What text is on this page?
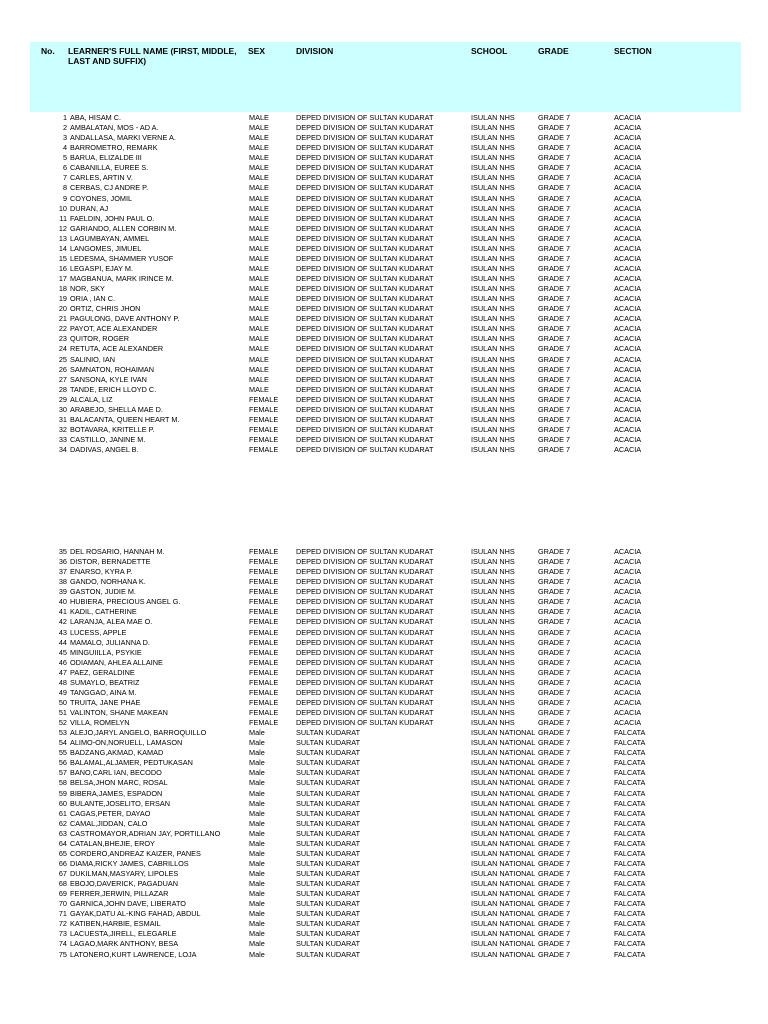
No. LEARNER'S FULL NAME (FIRST, MIDDLE, LAST AND SUFFIX)
SEX	DIVISION	SCHOOL	GRADE	SECTION
1 ABA, HISAM C.	MALE	DEPED DIVISION OF SULTAN KUDARAT	ISULAN NHS	GRADE 7	ACACIA
2 AMBALATAN, MOS - AD A.	MALE	DEPED DIVISION OF SULTAN KUDARAT	ISULAN NHS	GRADE 7	ACACIA
3 ANDALLASA, MARKI VERNE A.	MALE	DEPED DIVISION OF SULTAN KUDARAT	ISULAN NHS	GRADE 7	ACACIA
4 BARROMETRO, REMARK	MALE	DEPED DIVISION OF SULTAN KUDARAT	ISULAN NHS	GRADE 7	ACACIA
5 BARUA, ELIZALDE III	MALE	DEPED DIVISION OF SULTAN KUDARAT	ISULAN NHS	GRADE 7	ACACIA
6 CABANILLA, EUREE S.	MALE	DEPED DIVISION OF SULTAN KUDARAT	ISULAN NHS	GRADE 7	ACACIA
7 CARLES, ARTIN V.	MALE	DEPED DIVISION OF SULTAN KUDARAT	ISULAN NHS	GRADE 7	ACACIA
8 CERBAS, CJ ANDRE P.	MALE	DEPED DIVISION OF SULTAN KUDARAT	ISULAN NHS	GRADE 7	ACACIA
9 COYONES, JOMIL	MALE	DEPED DIVISION OF SULTAN KUDARAT	ISULAN NHS	GRADE 7	ACACIA
10 DURAN, AJ	MALE	DEPED DIVISION OF SULTAN KUDARAT	ISULAN NHS	GRADE 7	ACACIA
11 FAELDIN, JOHN PAUL O.	MALE	DEPED DIVISION OF SULTAN KUDARAT	ISULAN NHS	GRADE 7	ACACIA
12 GARIANDO, ALLEN CORBIN M.	MALE	DEPED DIVISION OF SULTAN KUDARAT	ISULAN NHS	GRADE 7	ACACIA
13 LAGUMBAYAN, AMMEL	MALE	DEPED DIVISION OF SULTAN KUDARAT	ISULAN NHS	GRADE 7	ACACIA
14 LANGOMES, JIMUEL	MALE	DEPED DIVISION OF SULTAN KUDARAT	ISULAN NHS	GRADE 7	ACACIA
15 LEDESMA, SHAMMER YUSOF	MALE	DEPED DIVISION OF SULTAN KUDARAT	ISULAN NHS	GRADE 7	ACACIA
16 LEGASPI, EJAY M.	MALE	DEPED DIVISION OF SULTAN KUDARAT	ISULAN NHS	GRADE 7	ACACIA
17 MAGBANUA, MARK IRINCE M.	MALE	DEPED DIVISION OF SULTAN KUDARAT	ISULAN NHS	GRADE 7	ACACIA
18 NOR, SKY	MALE	DEPED DIVISION OF SULTAN KUDARAT	ISULAN NHS	GRADE 7	ACACIA
19 ORIA , IAN C.	MALE	DEPED DIVISION OF SULTAN KUDARAT	ISULAN NHS	GRADE 7	ACACIA
20 ORTIZ, CHRIS JHON	MALE	DEPED DIVISION OF SULTAN KUDARAT	ISULAN NHS	GRADE 7	ACACIA
21 PAGULONG, DAVE ANTHONY P.	MALE	DEPED DIVISION OF SULTAN KUDARAT	ISULAN NHS	GRADE 7	ACACIA
22 PAYOT, ACE ALEXANDER	MALE	DEPED DIVISION OF SULTAN KUDARAT	ISULAN NHS	GRADE 7	ACACIA
23 QUITOR, ROGER	MALE	DEPED DIVISION OF SULTAN KUDARAT	ISULAN NHS	GRADE 7	ACACIA
24 RETUTA, ACE ALEXANDER	MALE	DEPED DIVISION OF SULTAN KUDARAT	ISULAN NHS	GRADE 7	ACACIA
25 SALINIO, IAN	MALE	DEPED DIVISION OF SULTAN KUDARAT	ISULAN NHS	GRADE 7	ACACIA
26 SAMNATON, ROHAIMAN	MALE	DEPED DIVISION OF SULTAN KUDARAT	ISULAN NHS	GRADE 7	ACACIA
27 SANSONA, KYLE IVAN	MALE	DEPED DIVISION OF SULTAN KUDARAT	ISULAN NHS	GRADE 7	ACACIA
28 TANDE, ERICH LLOYD C.	MALE	DEPED DIVISION OF SULTAN KUDARAT	ISULAN NHS	GRADE 7	ACACIA
29 ALCALA, LIZ	FEMALE DEPED DIVISION OF SULTAN KUDARAT	ISULAN NHS	GRADE 7	ACACIA
30 ARABEJO, SHELLA MAE D.	FEMALE DEPED DIVISION OF SULTAN KUDARAT	ISULAN NHS	GRADE 7	ACACIA
31 BALACANTA, QUEEN HEART M.	FEMALE DEPED DIVISION OF SULTAN KUDARAT	ISULAN NHS	GRADE 7	ACACIA
32 BOTAVARA, KRITELLE P.	FEMALE DEPED DIVISION OF SULTAN KUDARAT	ISULAN NHS	GRADE 7	ACACIA
33 CASTILLO, JANINE M.	FEMALE DEPED DIVISION OF SULTAN KUDARAT	ISULAN NHS	GRADE 7	ACACIA
34 DADIVAS, ANGEL B.	FEMALE DEPED DIVISION OF SULTAN KUDARAT	ISULAN NHS	GRADE 7	ACACIA
35 DEL ROSARIO, HANNAH M.	FEMALE DEPED DIVISION OF SULTAN KUDARAT	ISULAN NHS	GRADE 7	ACACIA
36 DISTOR, BERNADETTE	FEMALE DEPED DIVISION OF SULTAN KUDARAT	ISULAN NHS	GRADE 7	ACACIA
37 ENARSO, KYRA P.	FEMALE DEPED DIVISION OF SULTAN KUDARAT	ISULAN NHS	GRADE 7	ACACIA
38 GANDO, NORHANA K.	FEMALE DEPED DIVISION OF SULTAN KUDARAT	ISULAN NHS	GRADE 7	ACACIA
39 GASTON, JUDIE M.	FEMALE DEPED DIVISION OF SULTAN KUDARAT	ISULAN NHS	GRADE 7	ACACIA
40 HUBIERA, PRECIOUS ANGEL G.	FEMALE DEPED DIVISION OF SULTAN KUDARAT	ISULAN NHS	GRADE 7	ACACIA
41 KADIL, CATHERINE	FEMALE DEPED DIVISION OF SULTAN KUDARAT	ISULAN NHS	GRADE 7	ACACIA
42 LARANJA, ALEA MAE O.	FEMALE DEPED DIVISION OF SULTAN KUDARAT	ISULAN NHS	GRADE 7	ACACIA
43 LUCESS, APPLE	FEMALE DEPED DIVISION OF SULTAN KUDARAT	ISULAN NHS	GRADE 7	ACACIA
44 MAMALO, JULIANNA D.	FEMALE DEPED DIVISION OF SULTAN KUDARAT	ISULAN NHS	GRADE 7	ACACIA
45 MINGUIILLA, PSYKIE	FEMALE DEPED DIVISION OF SULTAN KUDARAT	ISULAN NHS	GRADE 7	ACACIA
46 ODIAMAN, AHLEA ALLAINE	FEMALE DEPED DIVISION OF SULTAN KUDARAT	ISULAN NHS	GRADE 7	ACACIA
47 PAEZ, GERALDINE	FEMALE DEPED DIVISION OF SULTAN KUDARAT	ISULAN NHS	GRADE 7	ACACIA
48 SUMAYLO, BEATRIZ	FEMALE DEPED DIVISION OF SULTAN KUDARAT	ISULAN NHS	GRADE 7	ACACIA
49 TANGGAO, AINA M.	FEMALE DEPED DIVISION OF SULTAN KUDARAT	ISULAN NHS	GRADE 7	ACACIA
50 TRUITA, JANE PHAE	FEMALE DEPED DIVISION OF SULTAN KUDARAT	ISULAN NHS	GRADE 7	ACACIA
51 VALINTON, SHANE MAKEAN	FEMALE DEPED DIVISION OF SULTAN KUDARAT	ISULAN NHS	GRADE 7	ACACIA
52 VILLA, ROMELYN	FEMALE DEPED DIVISION OF SULTAN KUDARAT	ISULAN NHS	GRADE 7	ACACIA
53 ALEJO,JARYL ANGELO, BARROQUILLO	Male	SULTAN KUDARAT	ISULAN NATIONAL GRADE 7	FALCATA
54 ALIMO-ON,NORUELL, LAMASON	Male	SULTAN KUDARAT	ISULAN NATIONAL GRADE 7	FALCATA
55 BADZANG,AKMAD, KAMAD	Male	SULTAN KUDARAT	ISULAN NATIONAL GRADE 7	FALCATA
56 BALAMAL,ALJAMER, PEDTUKASAN	Male	SULTAN KUDARAT	ISULAN NATIONAL GRADE 7	FALCATA
57 BANO,CARL IAN, BECODO	Male	SULTAN KUDARAT	ISULAN NATIONAL GRADE 7	FALCATA
58 BELSA,JHON MARC, ROSAL	Male	SULTAN KUDARAT	ISULAN NATIONAL GRADE 7	FALCATA
59 BIBERA,JAMES, ESPADON	Male	SULTAN KUDARAT	ISULAN NATIONAL GRADE 7	FALCATA
60 BULANTE,JOSELITO, ERSAN	Male	SULTAN KUDARAT	ISULAN NATIONAL GRADE 7	FALCATA
61 CAGAS,PETER, DAYAO	Male	SULTAN KUDARAT	ISULAN NATIONAL GRADE 7	FALCATA
62 CAMAL,JIDDAN, CALO	Male	SULTAN KUDARAT	ISULAN NATIONAL GRADE 7	FALCATA
63 CASTROMAYOR,ADRIAN JAY, PORTILLANO	Male	SULTAN KUDARAT	ISULAN NATIONAL GRADE 7	FALCATA
64 CATALAN,BHEJIE, EROY	Male	SULTAN KUDARAT	ISULAN NATIONAL GRADE 7	FALCATA
65 CORDERO,ANDREAZ KAIZER, PANES	Male	SULTAN KUDARAT	ISULAN NATIONAL GRADE 7	FALCATA
66 DIAMA,RICKY JAMES, CABRILLOS	Male	SULTAN KUDARAT	ISULAN NATIONAL GRADE 7	FALCATA
67 DUKILMAN,MASYARY, LIPOLES	Male	SULTAN KUDARAT	ISULAN NATIONAL GRADE 7	FALCATA
68 EBOJO,DAVERICK, PAGADUAN	Male	SULTAN KUDARAT	ISULAN NATIONAL GRADE 7	FALCATA
69 FERRER,JERWIN, PILLAZAR	Male	SULTAN KUDARAT	ISULAN NATIONAL GRADE 7	FALCATA
70 GARNICA,JOHN DAVE, LIBERATO	Male	SULTAN KUDARAT	ISULAN NATIONAL GRADE 7	FALCATA
71 GAYAK,DATU AL-KING FAHAD, ABDUL	Male	SULTAN KUDARAT	ISULAN NATIONAL GRADE 7	FALCATA
72 KATIBEN,HARBIE, ESMAIL	Male	SULTAN KUDARAT	ISULAN NATIONAL GRADE 7	FALCATA
73 LACUESTA,JIRELL, ELEGARLE	Male	SULTAN KUDARAT	ISULAN NATIONAL GRADE 7	FALCATA
74 LAGAO,MARK ANTHONY, BESA	Male	SULTAN KUDARAT	ISULAN NATIONAL GRADE 7	FALCATA
75 LATONERO,KURT LAWRENCE, LOJA	Male	SULTAN KUDARAT	ISULAN NATIONAL GRADE 7	FALCATA
